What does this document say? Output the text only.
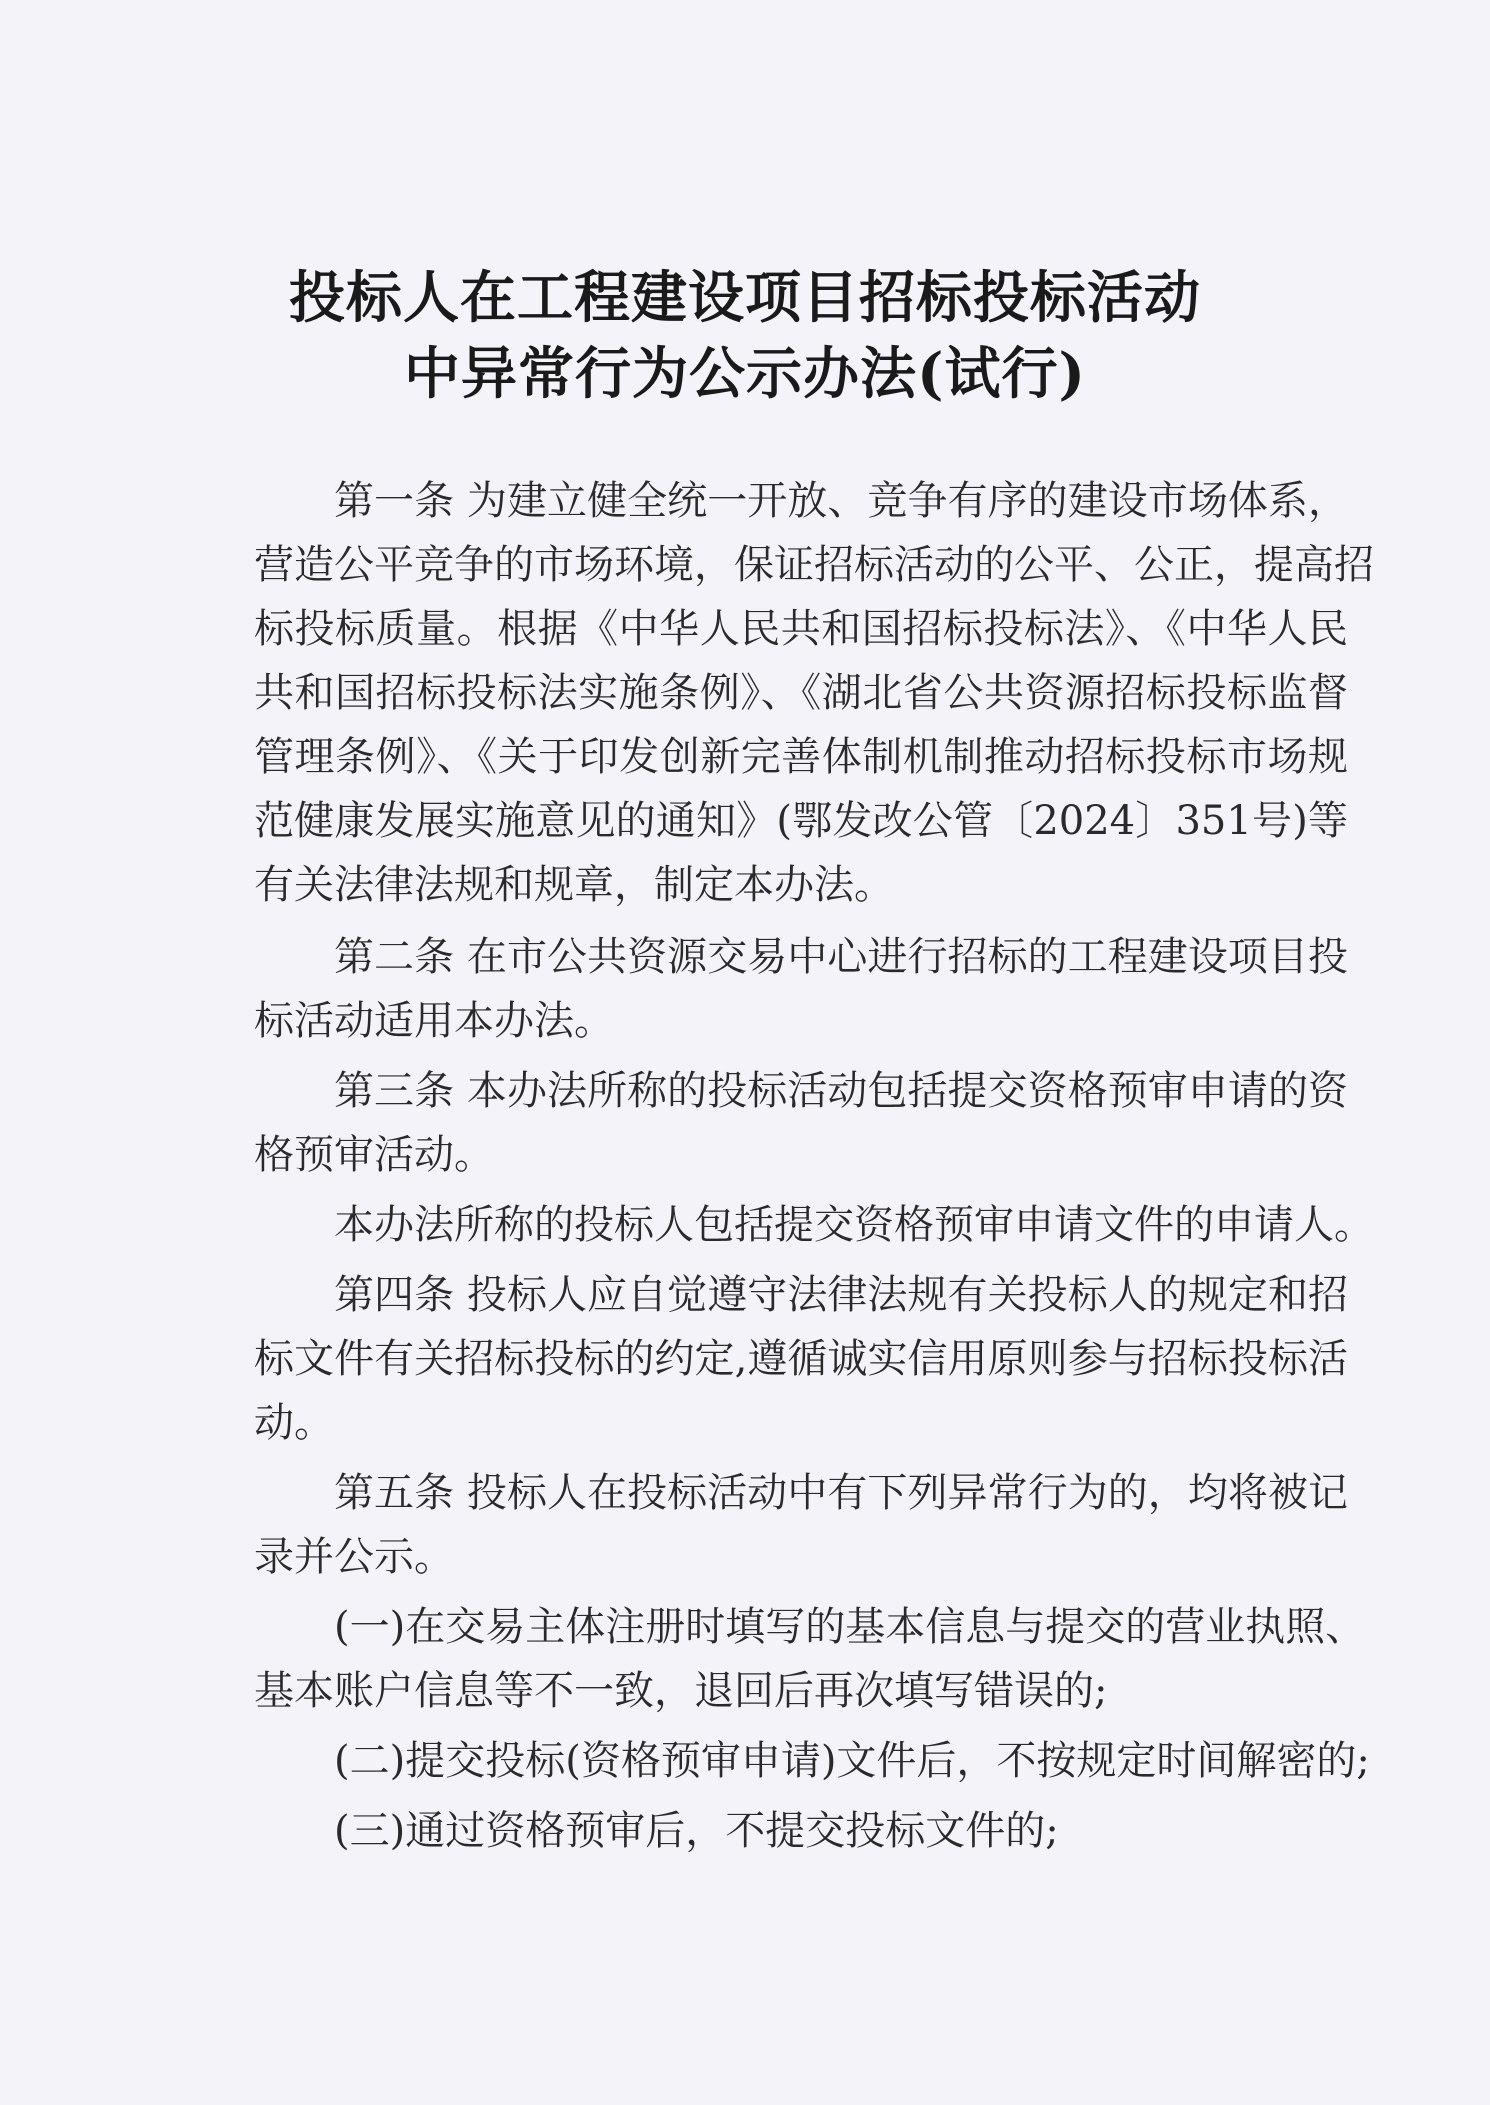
投标人在工程建设项目招标投标活动
中异常行为公示办法(试行)
第一条 为建立健全统一开放、竞争有序的建设市场体系，
营造公平竞争的市场环境，保证招标活动的公平、公正，提高招
标投标质量。根据《中华人民共和国招标投标法》、《中华人民
共和国招标投标法实施条例》、《湖北省公共资源招标投标监督
管理条例》、《关于印发创新完善体制机制推动招标投标市场规
范健康发展实施意见的通知》(鄂发改公管〔2024〕351号)等
有关法律法规和规章，制定本办法。
第二条 在市公共资源交易中心进行招标的工程建设项目投
标活动适用本办法。
第三条 本办法所称的投标活动包括提交资格预审申请的资
格预审活动。
本办法所称的投标人包括提交资格预审申请文件的申请人。
第四条 投标人应自觉遵守法律法规有关投标人的规定和招
标文件有关招标投标的约定,遵循诚实信用原则参与招标投标活
动。
第五条 投标人在投标活动中有下列异常行为的，均将被记
录并公示。
(一)在交易主体注册时填写的基本信息与提交的营业执照、
基本账户信息等不一致，退回后再次填写错误的;
(二)提交投标(资格预审申请)文件后，不按规定时间解密的;
(三)通过资格预审后，不提交投标文件的;
